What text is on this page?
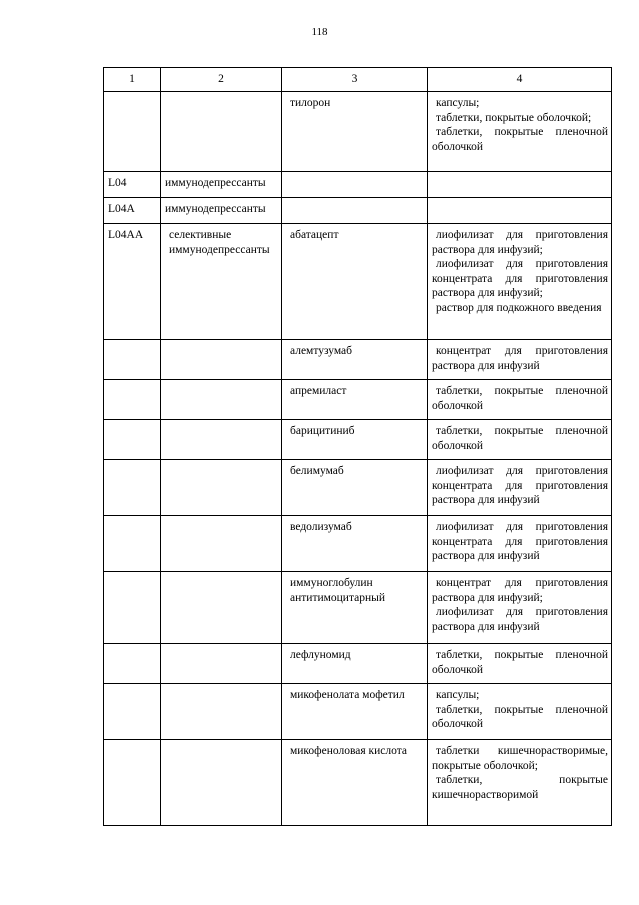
118
1	2	3	4
		тилорон	капсулы;
таблетки, покрытые оболочкой;
таблетки, покрытые пленочной оболочкой

L04	иммунодепрессанты		
L04A	иммунодепрессанты		
L04AA	селективные иммунодепрессанты	абатацепт	лиофилизат для приготовления раствора для инфузий;
лиофилизат для приготовления концентрата для приготовления раствора для инфузий;
раствор для подкожного введения

		алемтузумаб	концентрат для приготовления раствора для инфузий

		апремиласт	таблетки, покрытые пленочной оболочкой

		барицитиниб	таблетки, покрытые пленочной оболочкой

		белимумаб	лиофилизат для приготовления концентрата для приготовления раствора для инфузий

		ведолизумаб	лиофилизат для приготовления концентрата для приготовления раствора для инфузий

		иммуноглобулин антитимоцитарный	концентрат для приготовления раствора для инфузий;
лиофилизат для приготовления раствора для инфузий

		лефлуномид	таблетки, покрытые пленочной оболочкой

		микофенолата мофетил	капсулы;
таблетки, покрытые пленочной оболочкой

		микофеноловая кислота	таблетки кишечнорастворимые, покрытые оболочкой;
таблетки, покрытые кишечнорастворимой
